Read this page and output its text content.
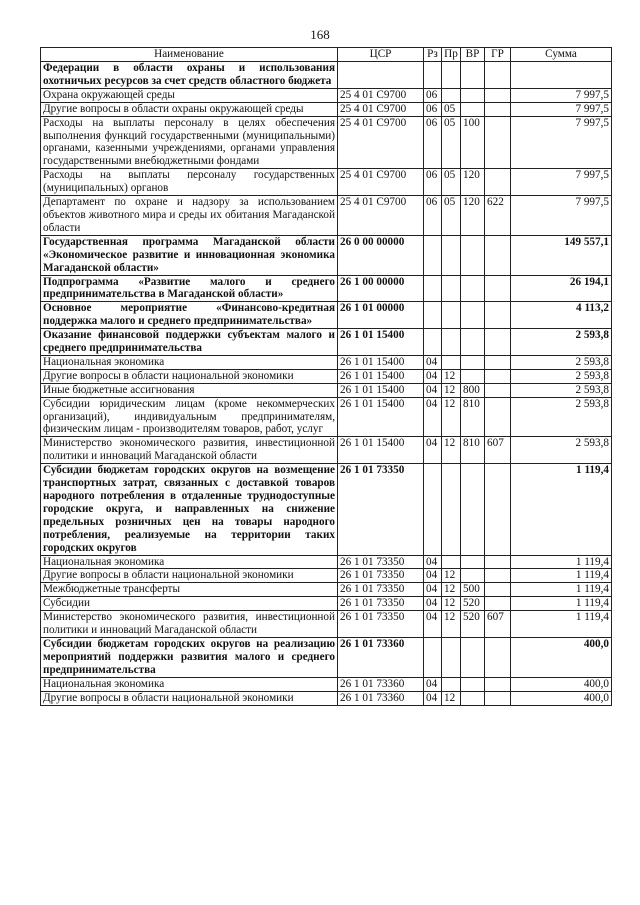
168
Наименование	ЦСР	Рз	Пр	ВР	ГР	Сумма
Федерации в области охраны и использования охотничьих ресурсов за счет средств областного бюджета						
Охрана окружающей среды	25 4 01 С9700	06				7 997,5
Другие вопросы в области охраны окружающей среды	25 4 01 С9700	06	05			7 997,5
Расходы на выплаты персоналу в целях обеспечения выполнения функций государственными (муниципальными) органами, казенными учреждениями, органами управления государственными внебюджетными фондами	25 4 01 С9700	06	05	100		7 997,5
Расходы на выплаты персоналу государственных (муниципальных) органов	25 4 01 С9700	06	05	120		7 997,5
Департамент по охране и надзору за использованием объектов животного мира и среды их обитания Магаданской области	25 4 01 С9700	06	05	120	622	7 997,5
Государственная программа Магаданской области «Экономическое развитие и инновационная экономика Магаданской области»	26 0 00 00000					149 557,1
Подпрограмма «Развитие малого и среднего предпринимательства в Магаданской области»	26 1 00 00000					26 194,1
Основное мероприятие «Финансово-кредитная поддержка малого и среднего предпринимательства»	26 1 01 00000					4 113,2
Оказание финансовой поддержки субъектам малого и среднего предпринимательства	26 1 01 15400					2 593,8
Национальная экономика	26 1 01 15400	04				2 593,8
Другие вопросы в области национальной экономики	26 1 01 15400	04	12			2 593,8
Иные бюджетные ассигнования	26 1 01 15400	04	12	800		2 593,8
Субсидии юридическим лицам (кроме некоммерческих организаций), индивидуальным предпринимателям, физическим лицам - производителям товаров, работ, услуг	26 1 01 15400	04	12	810		2 593,8
Министерство экономического развития, инвестиционной политики и инноваций Магаданской области	26 1 01 15400	04	12	810	607	2 593,8
Субсидии бюджетам городских округов на возмещение транспортных затрат, связанных с доставкой товаров народного потребления в отдаленные труднодоступные городские округа, и направленных на снижение предельных розничных цен на товары народного потребления, реализуемые на территории таких городских округов	26 1 01 73350					1 119,4
Национальная экономика	26 1 01 73350	04				1 119,4
Другие вопросы в области национальной экономики	26 1 01 73350	04	12			1 119,4
Межбюджетные трансферты	26 1 01 73350	04	12	500		1 119,4
Субсидии	26 1 01 73350	04	12	520		1 119,4
Министерство экономического развития, инвестиционной политики и инноваций Магаданской области	26 1 01 73350	04	12	520	607	1 119,4
Субсидии бюджетам городских округов на реализацию мероприятий поддержки развития малого и среднего предпринимательства	26 1 01 73360					400,0
Национальная экономика	26 1 01 73360	04				400,0
Другие вопросы в области национальной экономики	26 1 01 73360	04	12			400,0
